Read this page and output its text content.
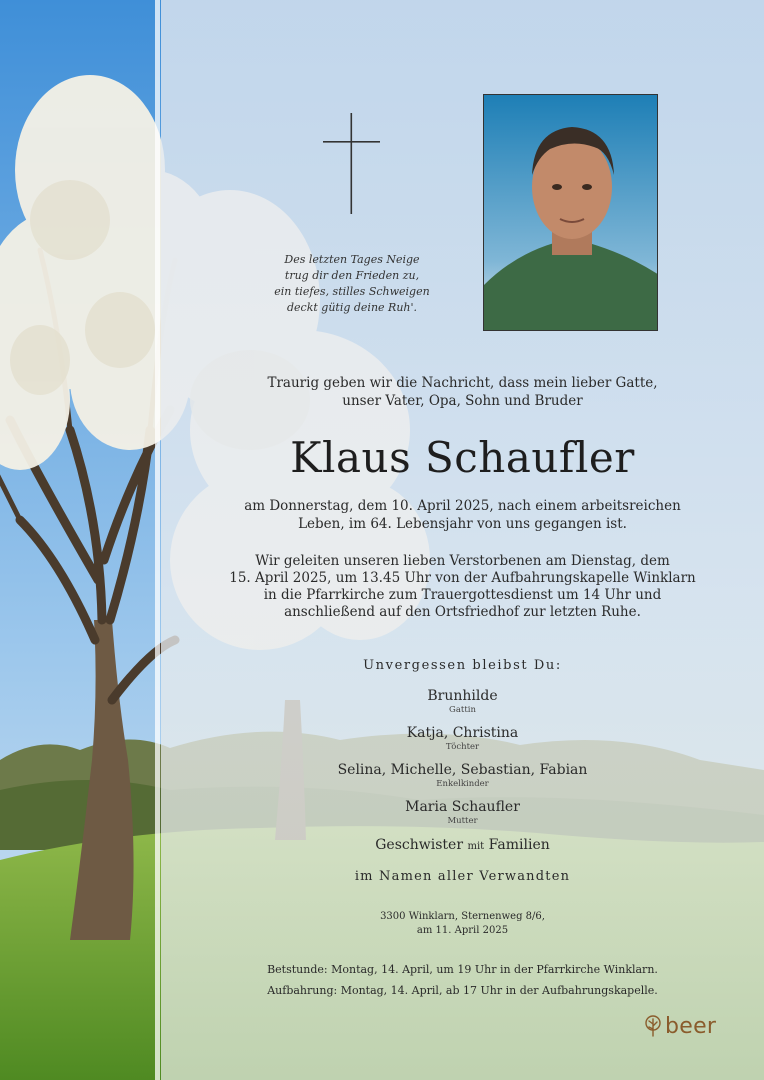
Des letzten Tages Neige
trug dir den Frieden zu,
ein tiefes, stilles Schweigen
deckt gütig deine Ruh'.
Traurig geben wir die Nachricht, dass mein lieber Gatte,
unser Vater, Opa, Sohn und Bruder
Klaus Schaufler
am Donnerstag, dem 10. April 2025, nach einem arbeitsreichen
Leben, im 64. Lebensjahr von uns gegangen ist.
Wir geleiten unseren lieben Verstorbenen am Dienstag, dem
15. April 2025, um 13.45 Uhr von der Aufbahrungskapelle Winklarn
in die Pfarrkirche zum Trauergottesdienst um 14 Uhr und
anschließend auf den Ortsfriedhof zur letzten Ruhe.
Unvergessen bleibst Du:
Brunhilde
Gattin
Katja, Christina
Töchter
Selina, Michelle, Sebastian, Fabian
Enkelkinder
Maria Schaufler
Mutter
Geschwister mit Familien
im Namen aller Verwandten
3300 Winklarn, Sternenweg 8/6,
am 11. April 2025
Betstunde: Montag, 14. April, um 19 Uhr in der Pfarrkirche Winklarn.
Aufbahrung: Montag, 14. April, ab 17 Uhr in der Aufbahrungskapelle.
beer
